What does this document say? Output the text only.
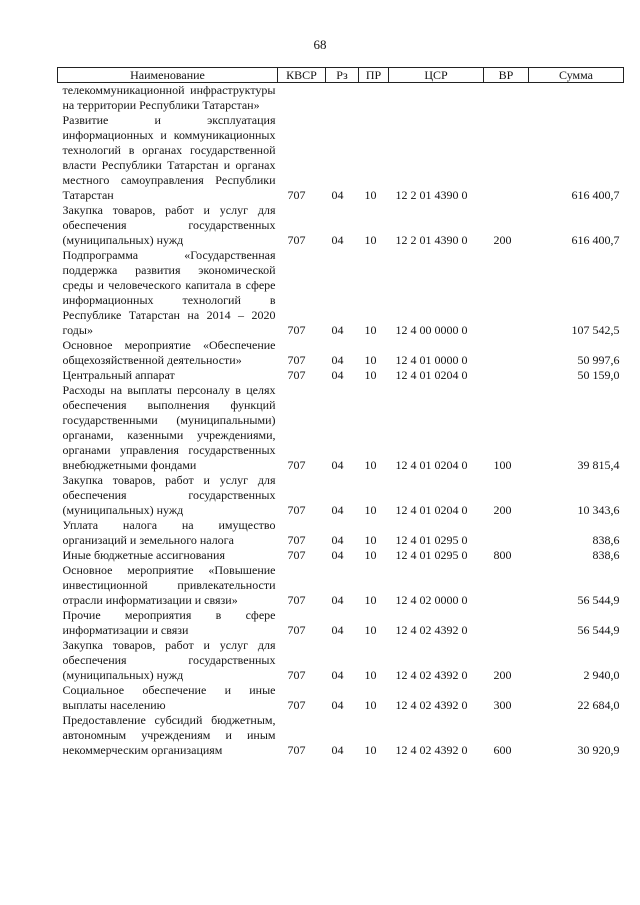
68
Наименование	КВСР	Рз	ПР	ЦСР	ВР	Сумма
телекоммуникационной инфраструктуры на территории Республики Татарстан»						
Развитие и эксплуатация информационных и коммуникационных технологий в органах государственной власти Республики Татарстан и органах местного самоуправления Республики Татарстан	707	04	10	12 2 01 4390 0		616 400,7
Закупка товаров, работ и услуг для обеспечения государственных (муниципальных) нужд	707	04	10	12 2 01 4390 0	200	616 400,7
Подпрограмма «Государственная поддержка развития экономической среды и человеческого капитала в сфере информационных технологий в Республике Татарстан на 2014 – 2020 годы»	707	04	10	12 4 00 0000 0		107 542,5
Основное мероприятие «Обеспечение общехозяйственной деятельности»	707	04	10	12 4 01 0000 0		50 997,6
Центральный аппарат	707	04	10	12 4 01 0204 0		50 159,0
Расходы на выплаты персоналу в целях обеспечения выполнения функций государственными (муниципальными) органами, казенными учреждениями, органами управления государственных внебюджетными фондами	707	04	10	12 4 01 0204 0	100	39 815,4
Закупка товаров, работ и услуг для обеспечения государственных (муниципальных) нужд	707	04	10	12 4 01 0204 0	200	10 343,6
Уплата налога на имущество организаций и земельного налога	707	04	10	12 4 01 0295 0		838,6
Иные бюджетные ассигнования	707	04	10	12 4 01 0295 0	800	838,6
Основное мероприятие «Повышение инвестиционной привлекательности отрасли информатизации и связи»	707	04	10	12 4 02 0000 0		56 544,9
Прочие мероприятия в сфере информатизации и связи	707	04	10	12 4 02 4392 0		56 544,9
Закупка товаров, работ и услуг для обеспечения государственных (муниципальных) нужд	707	04	10	12 4 02 4392 0	200	2 940,0
Социальное обеспечение и иные выплаты населению	707	04	10	12 4 02 4392 0	300	22 684,0
Предоставление субсидий бюджетным, автономным учреждениям и иным некоммерческим организациям	707	04	10	12 4 02 4392 0	600	30 920,9
